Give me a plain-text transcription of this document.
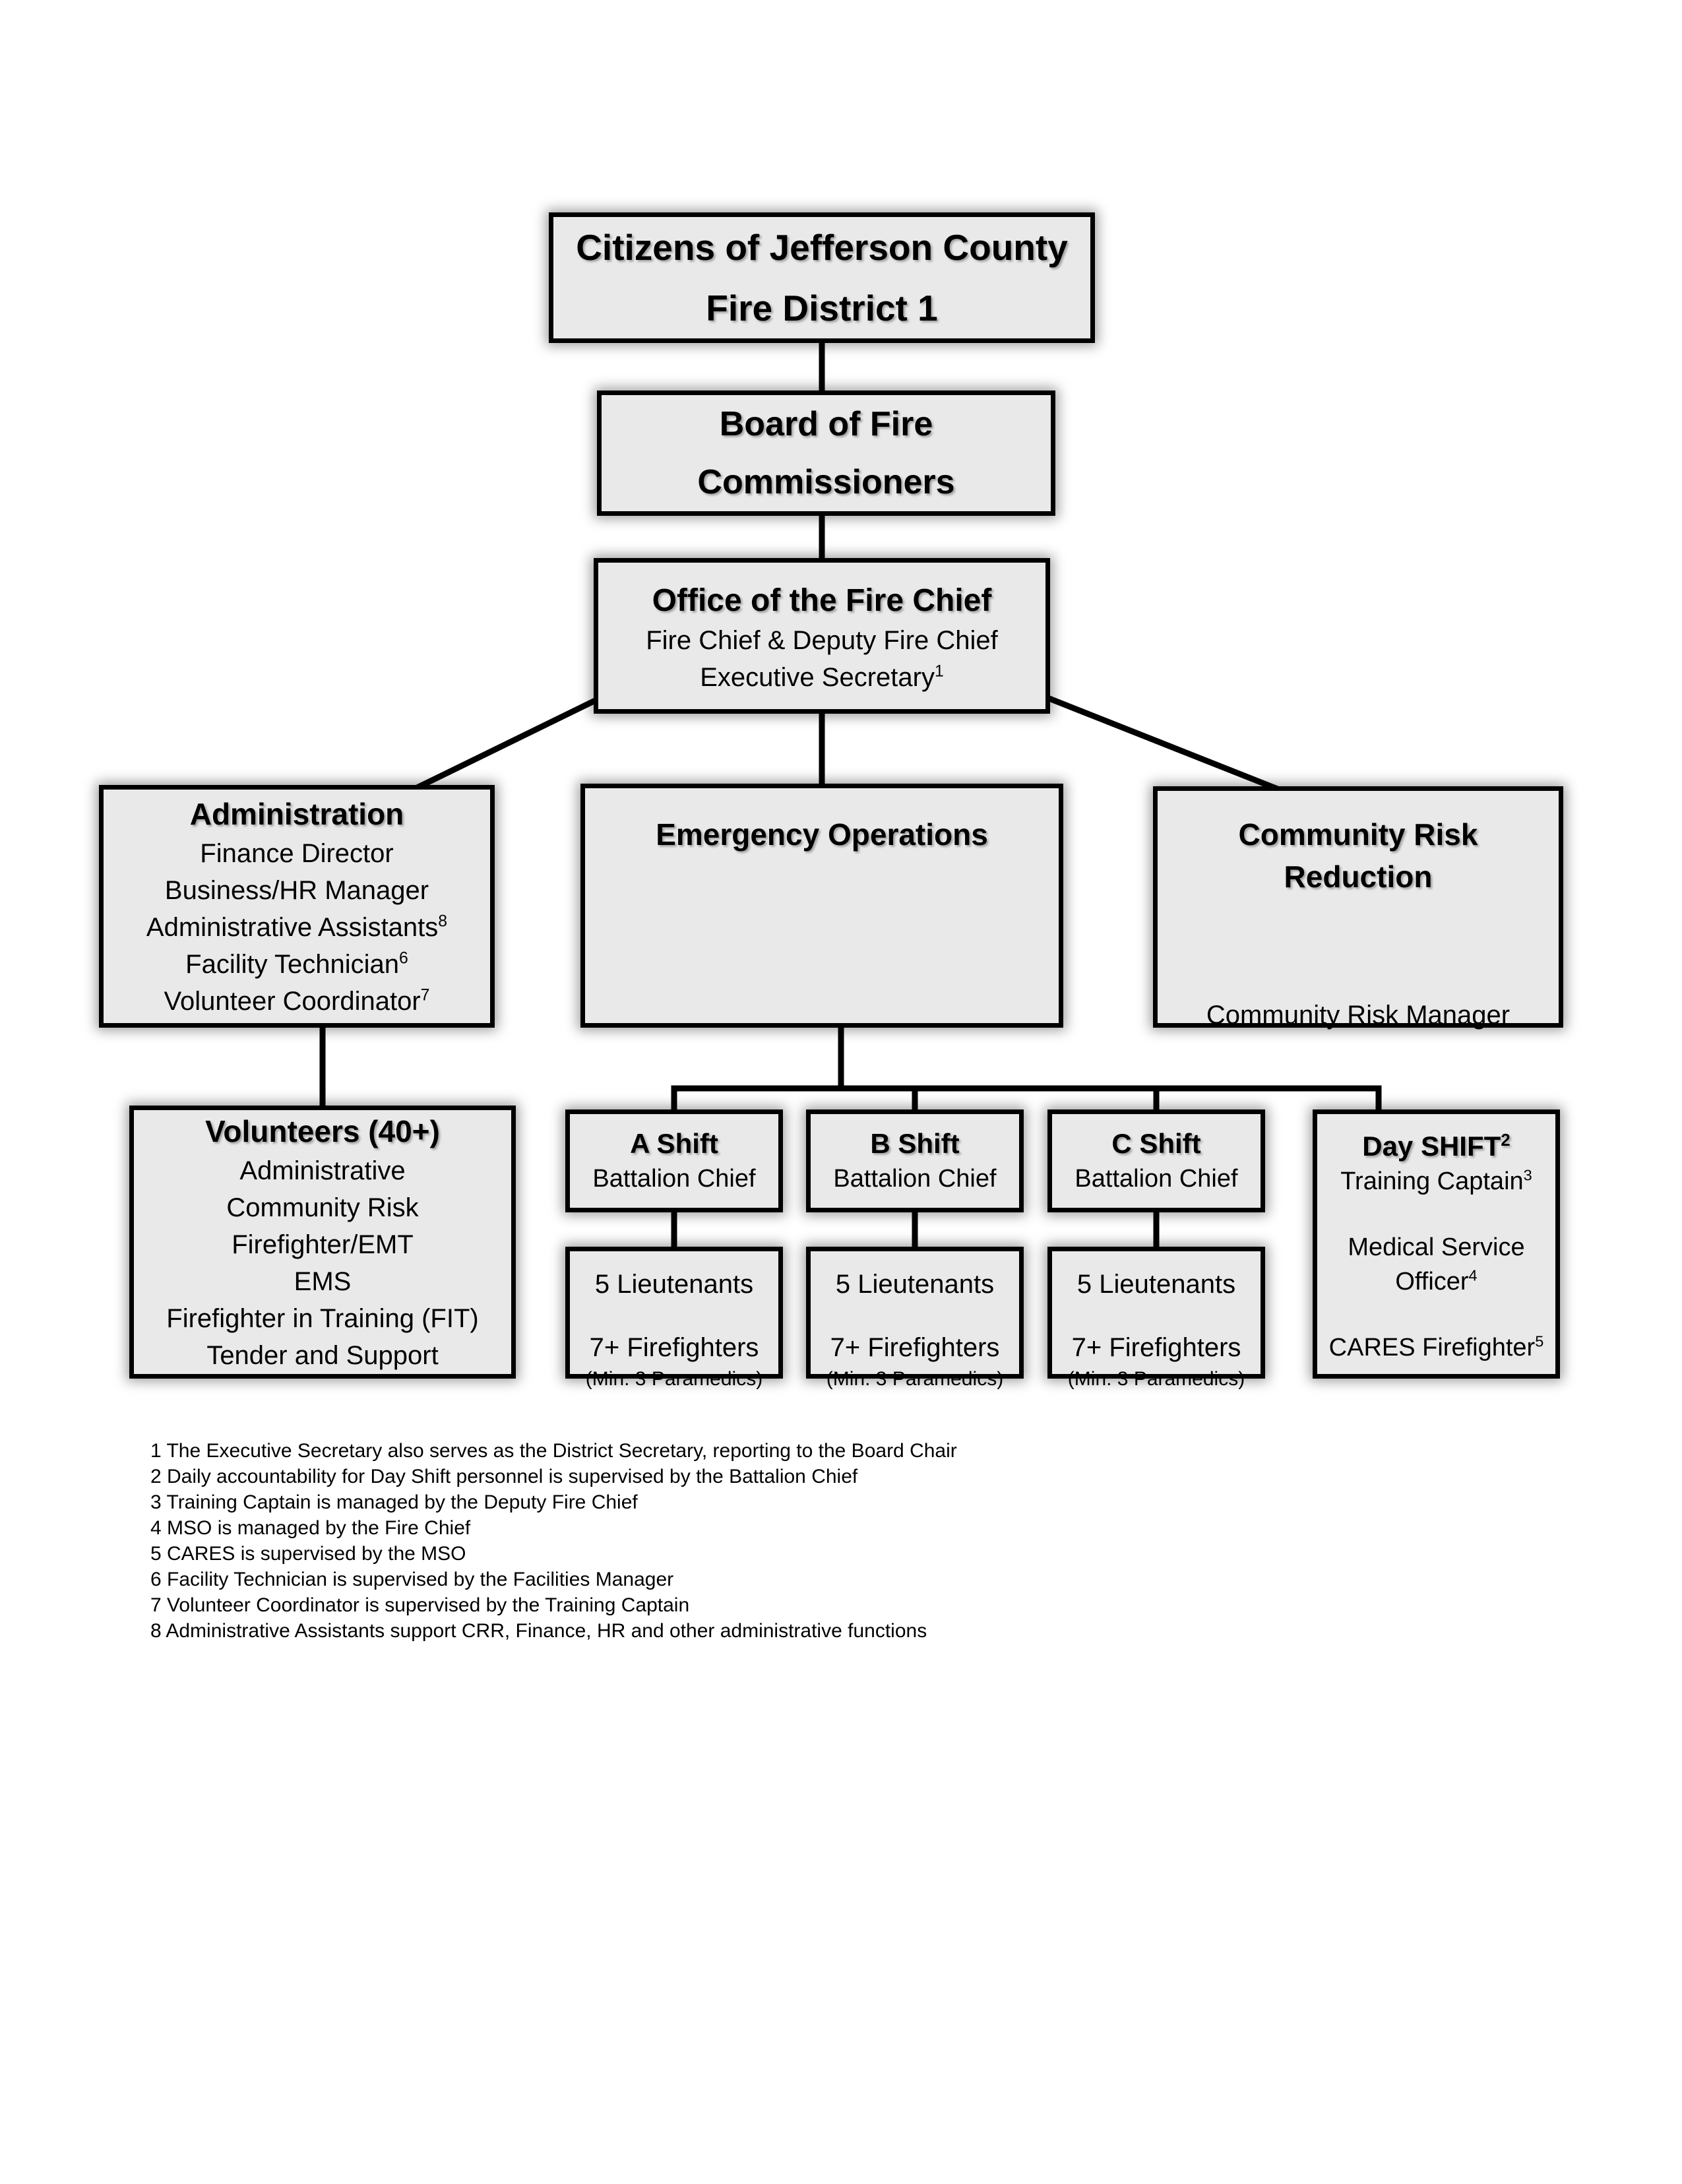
Citizens of Jefferson County
Fire District 1
Board of Fire
Commissioners
Office of the Fire Chief
Fire Chief & Deputy Fire Chief
Executive Secretary$^1$
Administration
Finance Director
Business/HR Manager
Administrative Assistants$^8$
Facility Technician$^6$
Volunteer Coordinator$^7$
Emergency Operations	Community Risk
Reduction
Community Risk Manager
Volunteers (40+)
Administrative
Community Risk
Firefighter/EMT
EMS
Firefighter in Training (FIT)
Tender and Support
A Shift
Battalion Chief
B Shift
Battalion Chief
C Shift
Battalion Chief
Day SHIFT$^2$
Training Captain$^3$
Medical Service
Officer$^4$
CARES Firefighter$^5$
5 Lieutenants
7+ Firefighters
(Min. 3 Paramedics)
5 Lieutenants
7+ Firefighters
(Min. 3 Paramedics)
5 Lieutenants
7+ Firefighters
(Min. 3 Paramedics)
1 The Executive Secretary also serves as the District Secretary, reporting to the Board Chair
2 Daily accountability for Day Shift personnel is supervised by the Battalion Chief
3 Training Captain is managed by the Deputy Fire Chief
4 MSO is managed by the Fire Chief
5 CARES is supervised by the MSO
6 Facility Technician is supervised by the Facilities Manager
7 Volunteer Coordinator is supervised by the Training Captain
8 Administrative Assistants support CRR, Finance, HR and other administrative functions
